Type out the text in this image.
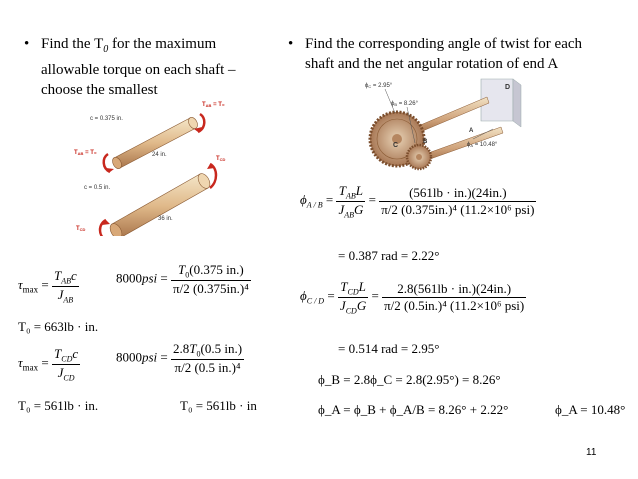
• Find the $T_0$ for the maximum
allowable torque on each shaft –
choose the smallest
• Find the corresponding angle of twist for each
shaft and the net angular rotation of end A
TAB = T₀
c = 0.375 in.
24 in.
TAB = T₀
TCD
c = 0.5 in.
36 in.
TCD
D
C	B
A
ϕC = 2.95°
ϕB = 8.26°
ϕA = 10.48°
$\tau_{max} = \frac{T_{AB}c}{J_{AB}}$	$8000psi = \frac{T_0(0.375 in.)}{\text{π/2 (0.375in.)⁴}}$
T₀ = 663lb · in.
$\tau_{max} = \frac{T_{CD}c}{J_{CD}}$	$8000psi = \frac{2.8T_0(0.5 in.)}{\text{π/2 (0.5 in.)⁴}}$
T₀ = 561lb · in.	T₀ = 561lb · in
$\phi_{A / B} = \frac{T_{AB}L}{J_{AB}G} = \frac{(561lb \cdot in.)(24in.)}{\text{π/2 (0.375in.)⁴ (11.2×10⁶ psi)}}$
= 0.387 rad = 2.22°
$\phi_{C / D} = \frac{T_{CD}L}{J_{CD}G} = \frac{2.8(561lb \cdot in.)(24in.)}{\text{π/2 (0.5in.)⁴ (11.2×10⁶ psi)}}$
= 0.514 rad = 2.95°
ϕ_B = 2.8ϕ_C = 2.8(2.95°) = 8.26°
ϕ_A = ϕ_B + ϕ_A/B = 8.26° + 2.22°	ϕ_A = 10.48°
11
